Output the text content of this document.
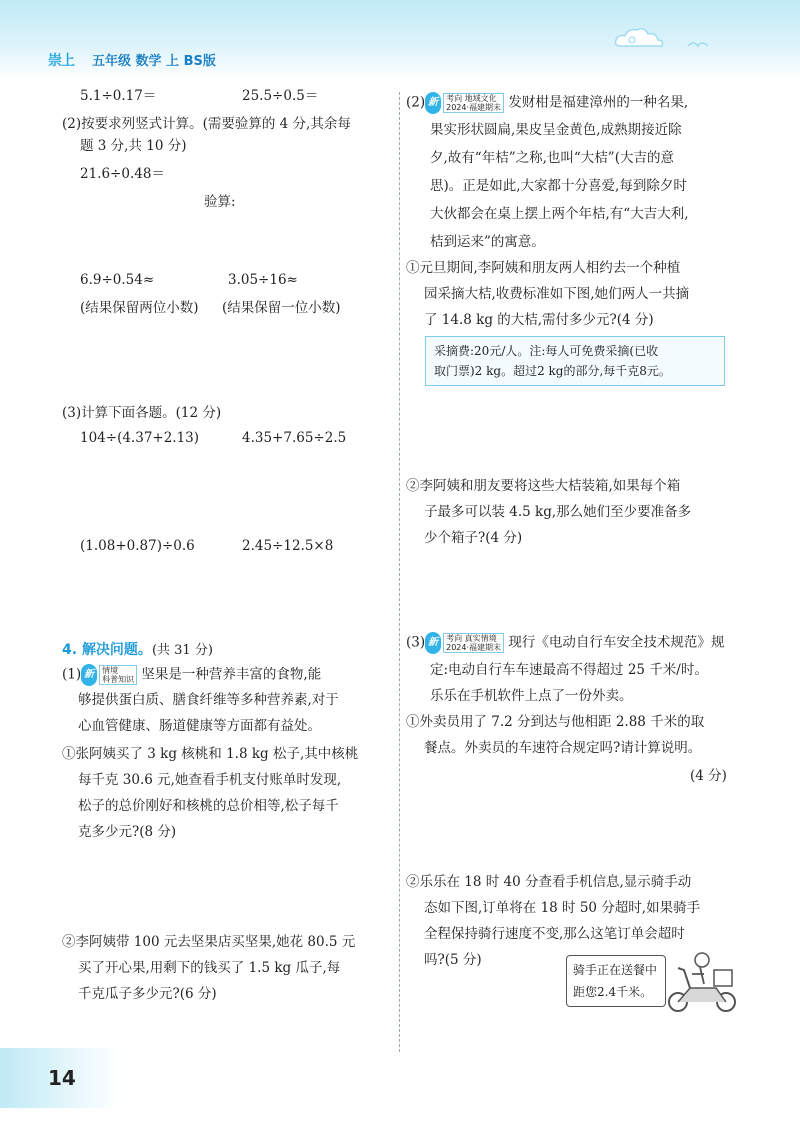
崇上 五年级 数学 上 BS版
5.1÷0.17＝	25.5÷0.5＝
(2)按要求列竖式计算。(需要验算的 4 分,其余每
题 3 分,共 10 分)
21.6÷0.48＝
验算:
6.9÷0.54≈	3.05÷16≈
(结果保留两位小数) (结果保留一位小数)
(3)计算下面各题。(12 分)
104÷(4.37+2.13)	4.35+7.65÷2.5
(1.08+0.87)÷0.6	2.45÷12.5×8
4. 解决问题。(共 31 分)
(1) 新 情境
科普知识 坚果是一种营养丰富的食物,能
够提供蛋白质、膳食纤维等多种营养素,对于
心血管健康、肠道健康等方面都有益处。
①张阿姨买了 3 kg 核桃和 1.8 kg 松子,其中核桃
每千克 30.6 元,她查看手机支付账单时发现,
松子的总价刚好和核桃的总价相等,松子每千
克多少元?(8 分)
②李阿姨带 100 元去坚果店买坚果,她花 80.5 元
买了开心果,用剩下的钱买了 1.5 kg 瓜子,每
千克瓜子多少元?(6 分)
(2) 新 考向 地域文化
2024·福建期末 发财柑是福建漳州的一种名果,
果实形状圆扁,果皮呈金黄色,成熟期接近除
夕,故有“年桔”之称,也叫“大桔”(大吉的意
思)。正是如此,大家都十分喜爱,每到除夕时
大伙都会在桌上摆上两个年桔,有“大吉大利,
桔到运来”的寓意。
①元旦期间,李阿姨和朋友两人相约去一个种植
园采摘大桔,收费标准如下图,她们两人一共摘
了 14.8 kg 的大桔,需付多少元?(4 分)
采摘费:20元/人。注:每人可免费采摘(已收
取门票)2 kg。超过2 kg的部分,每千克8元。
②李阿姨和朋友要将这些大桔装箱,如果每个箱
子最多可以装 4.5 kg,那么她们至少要准备多
少个箱子?(4 分)
(3) 新 考向 真实情境
2024·福建期末 现行《电动自行车安全技术规范》规
定:电动自行车车速最高不得超过 25 千米/时。
乐乐在手机软件上点了一份外卖。
①外卖员用了 7.2 分到达与他相距 2.88 千米的取
餐点。外卖员的车速符合规定吗?请计算说明。
(4 分)
②乐乐在 18 时 40 分查看手机信息,显示骑手动
态如下图,订单将在 18 时 50 分超时,如果骑手
全程保持骑行速度不变,那么这笔订单会超时
吗?(5 分)
骑手正在送餐中
距您2.4千米。
14
